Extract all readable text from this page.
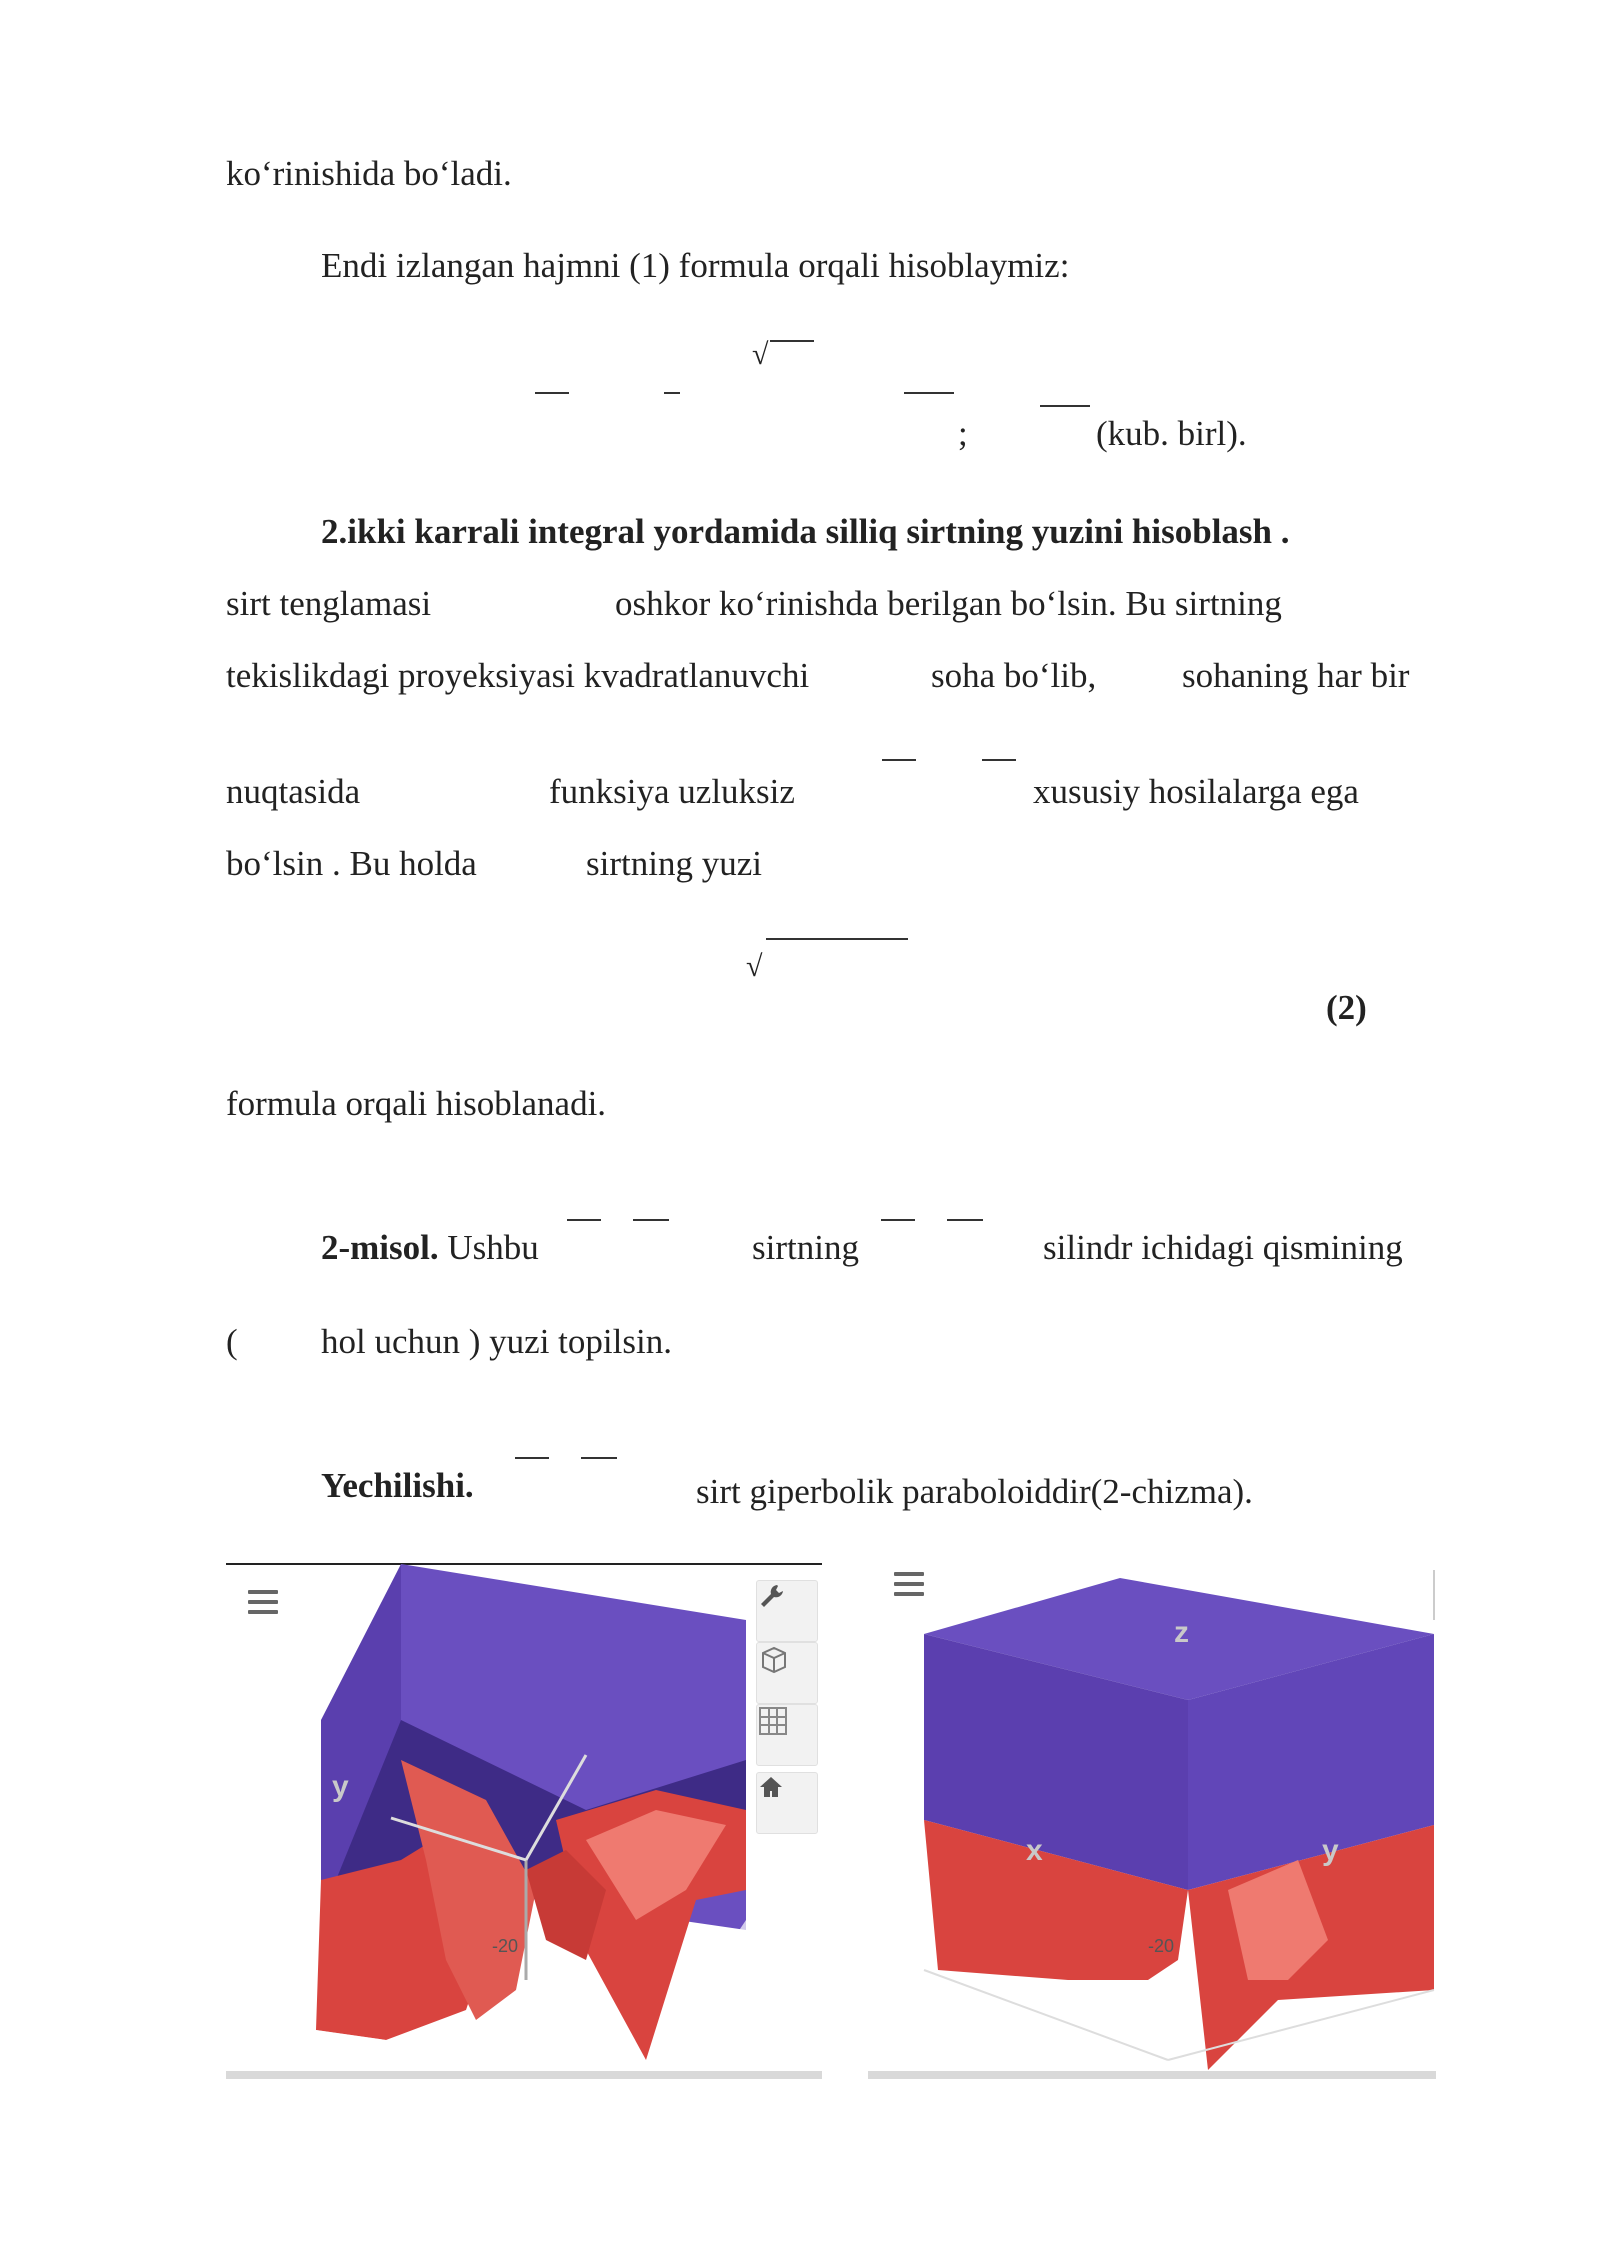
ko‘rinishida bo‘ladi.
Endi izlangan hajmni (1) formula orqali hisoblaymiz:
√
;	(kub. birl).
2.ikki karrali integral yordamida silliq sirtning yuzini hisoblash .
sirt tenglamasi	oshkor ko‘rinishda berilgan bo‘lsin. Bu sirtning
tekislikdagi proyeksiyasi kvadratlanuvchi	soha bo‘lib, sohaning har bir
nuqtasida	funksiya uzluksiz	xususiy hosilalarga ega
bo‘lsin . Bu holda	sirtning yuzi
√
(2)
formula orqali hisoblanadi.
2-misol. Ushbu	sirtning	silindr ichidagi qismining
( hol uchun ) yuzi topilsin.
Yechilishi.	sirt giperbolik paraboloiddir(2-chizma).
y
-20
z
x	y
-20
